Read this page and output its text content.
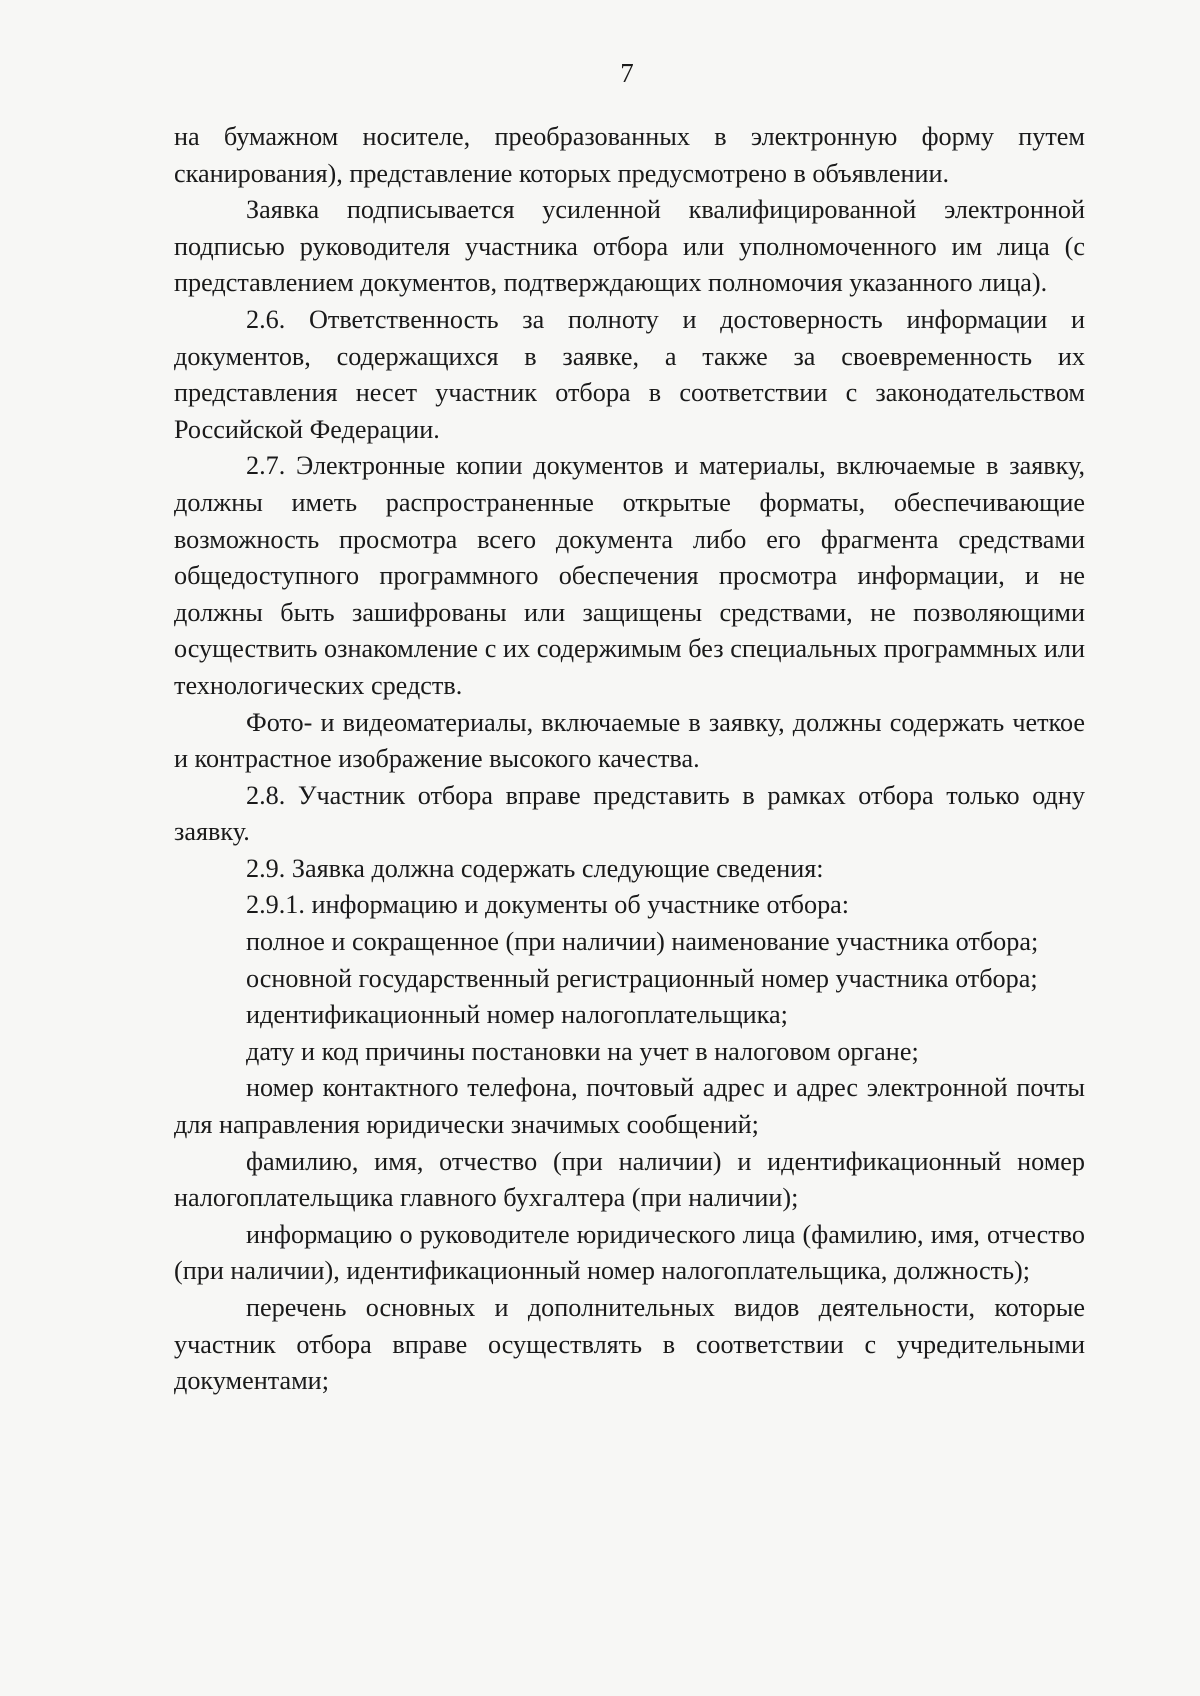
7

на бумажном носителе, преобразованных в электронную форму путем сканирования), представление которых предусмотрено в объявлении.

Заявка подписывается усиленной квалифицированной электронной подписью руководителя участника отбора или уполномоченного им лица (с представлением документов, подтверждающих полномочия указанного лица).

2.6. Ответственность за полноту и достоверность информации и документов, содержащихся в заявке, а также за своевременность их представления несет участник отбора в соответствии с законодательством Российской Федерации.

2.7. Электронные копии документов и материалы, включаемые в заявку, должны иметь распространенные открытые форматы, обеспечивающие возможность просмотра всего документа либо его фрагмента средствами общедоступного программного обеспечения просмотра информации, и не должны быть зашифрованы или защищены средствами, не позволяющими осуществить ознакомление с их содержимым без специальных программных или технологических средств.

Фото- и видеоматериалы, включаемые в заявку, должны содержать четкое и контрастное изображение высокого качества.

2.8. Участник отбора вправе представить в рамках отбора только одну заявку.

2.9. Заявка должна содержать следующие сведения:

2.9.1. информацию и документы об участнике отбора:

полное и сокращенное (при наличии) наименование участника отбора;

основной государственный регистрационный номер участника отбора;

идентификационный номер налогоплательщика;

дату и код причины постановки на учет в налоговом органе;

номер контактного телефона, почтовый адрес и адрес электронной почты для направления юридически значимых сообщений;

фамилию, имя, отчество (при наличии) и идентификационный номер налогоплательщика главного бухгалтера (при наличии);

информацию о руководителе юридического лица (фамилию, имя, отчество (при наличии), идентификационный номер налогоплательщика, должность);

перечень основных и дополнительных видов деятельности, которые участник отбора вправе осуществлять в соответствии с учредительными документами;
